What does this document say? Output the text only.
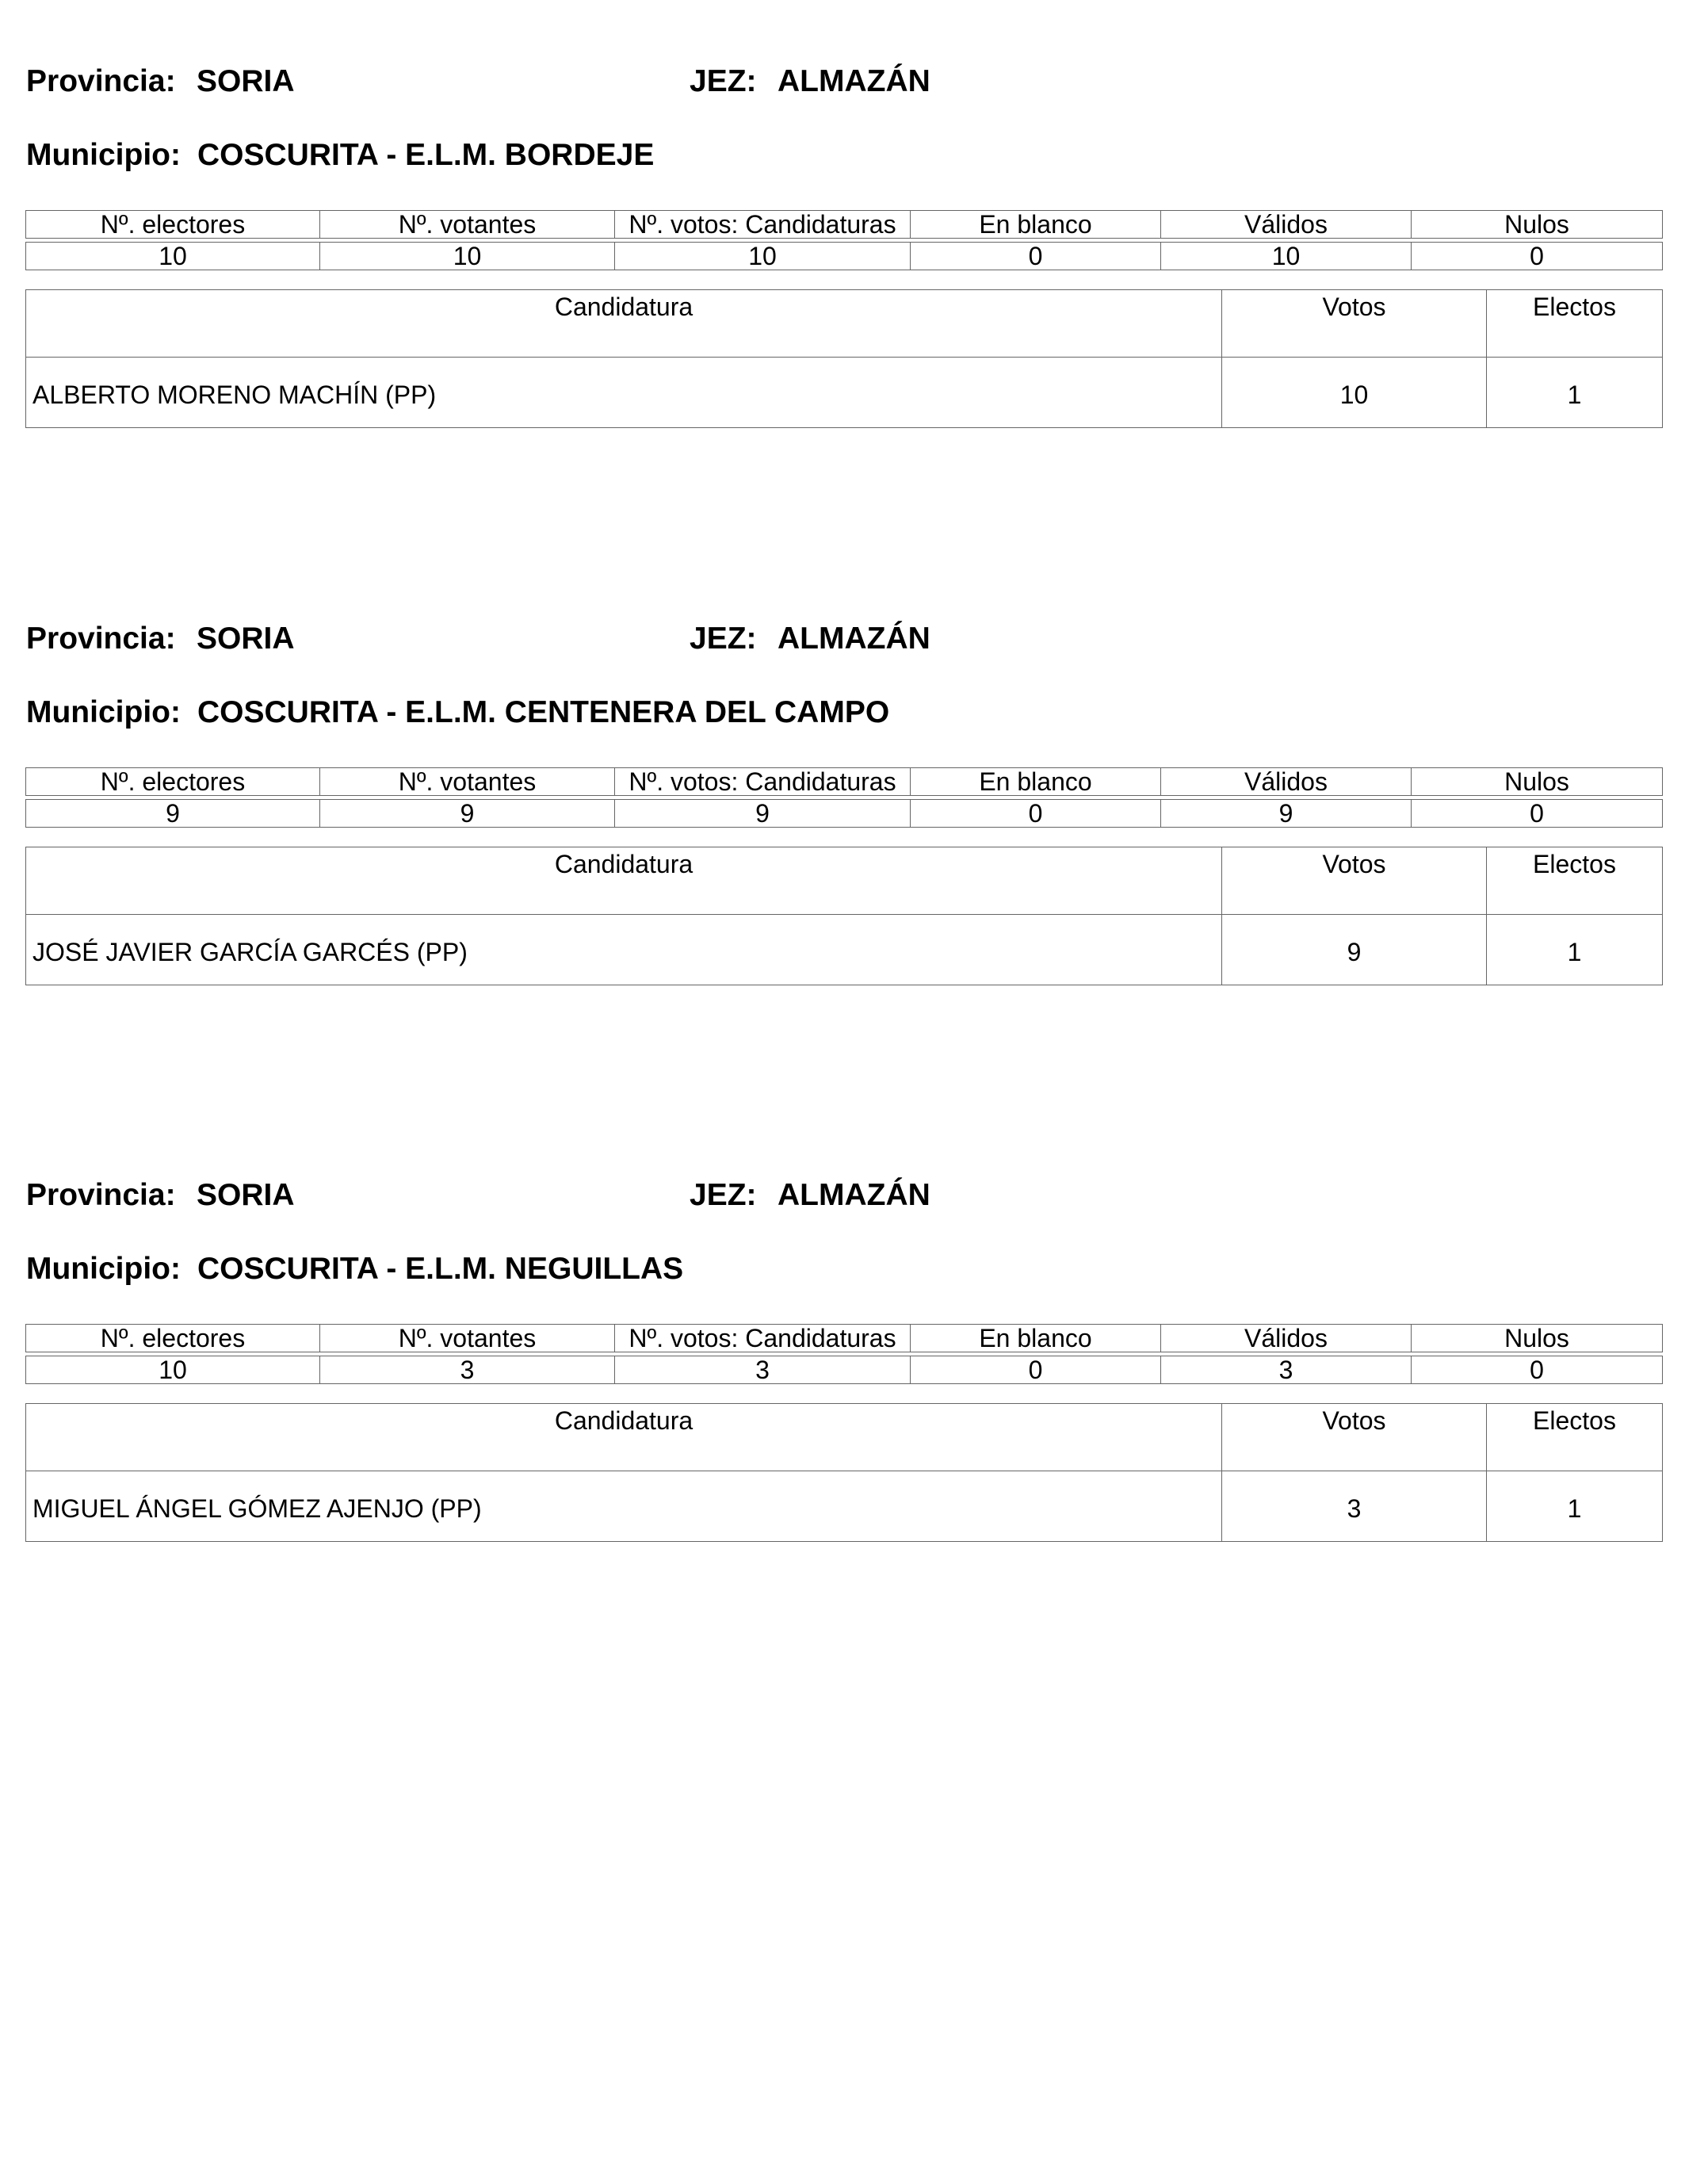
Provincia: SORIA	JEZ: ALMAZÁN
Municipio: COSCURITA - E.L.M. BORDEJE
Nº. electores	Nº. votantes	Nº. votos: Candidaturas	En blanco	Válidos	Nulos
10	10	10	0	10	0
Candidatura	Votos	Electos
ALBERTO MORENO MACHÍN (PP)	10	1
Provincia: SORIA	JEZ: ALMAZÁN
Municipio: COSCURITA - E.L.M. CENTENERA DEL CAMPO
Nº. electores	Nº. votantes	Nº. votos: Candidaturas	En blanco	Válidos	Nulos
9	9	9	0	9	0
Candidatura	Votos	Electos
JOSÉ JAVIER GARCÍA GARCÉS (PP)	9	1
Provincia: SORIA	JEZ: ALMAZÁN
Municipio: COSCURITA - E.L.M. NEGUILLAS
Nº. electores	Nº. votantes	Nº. votos: Candidaturas	En blanco	Válidos	Nulos
10	3	3	0	3	0
Candidatura	Votos	Electos
MIGUEL ÁNGEL GÓMEZ AJENJO (PP)	3	1
